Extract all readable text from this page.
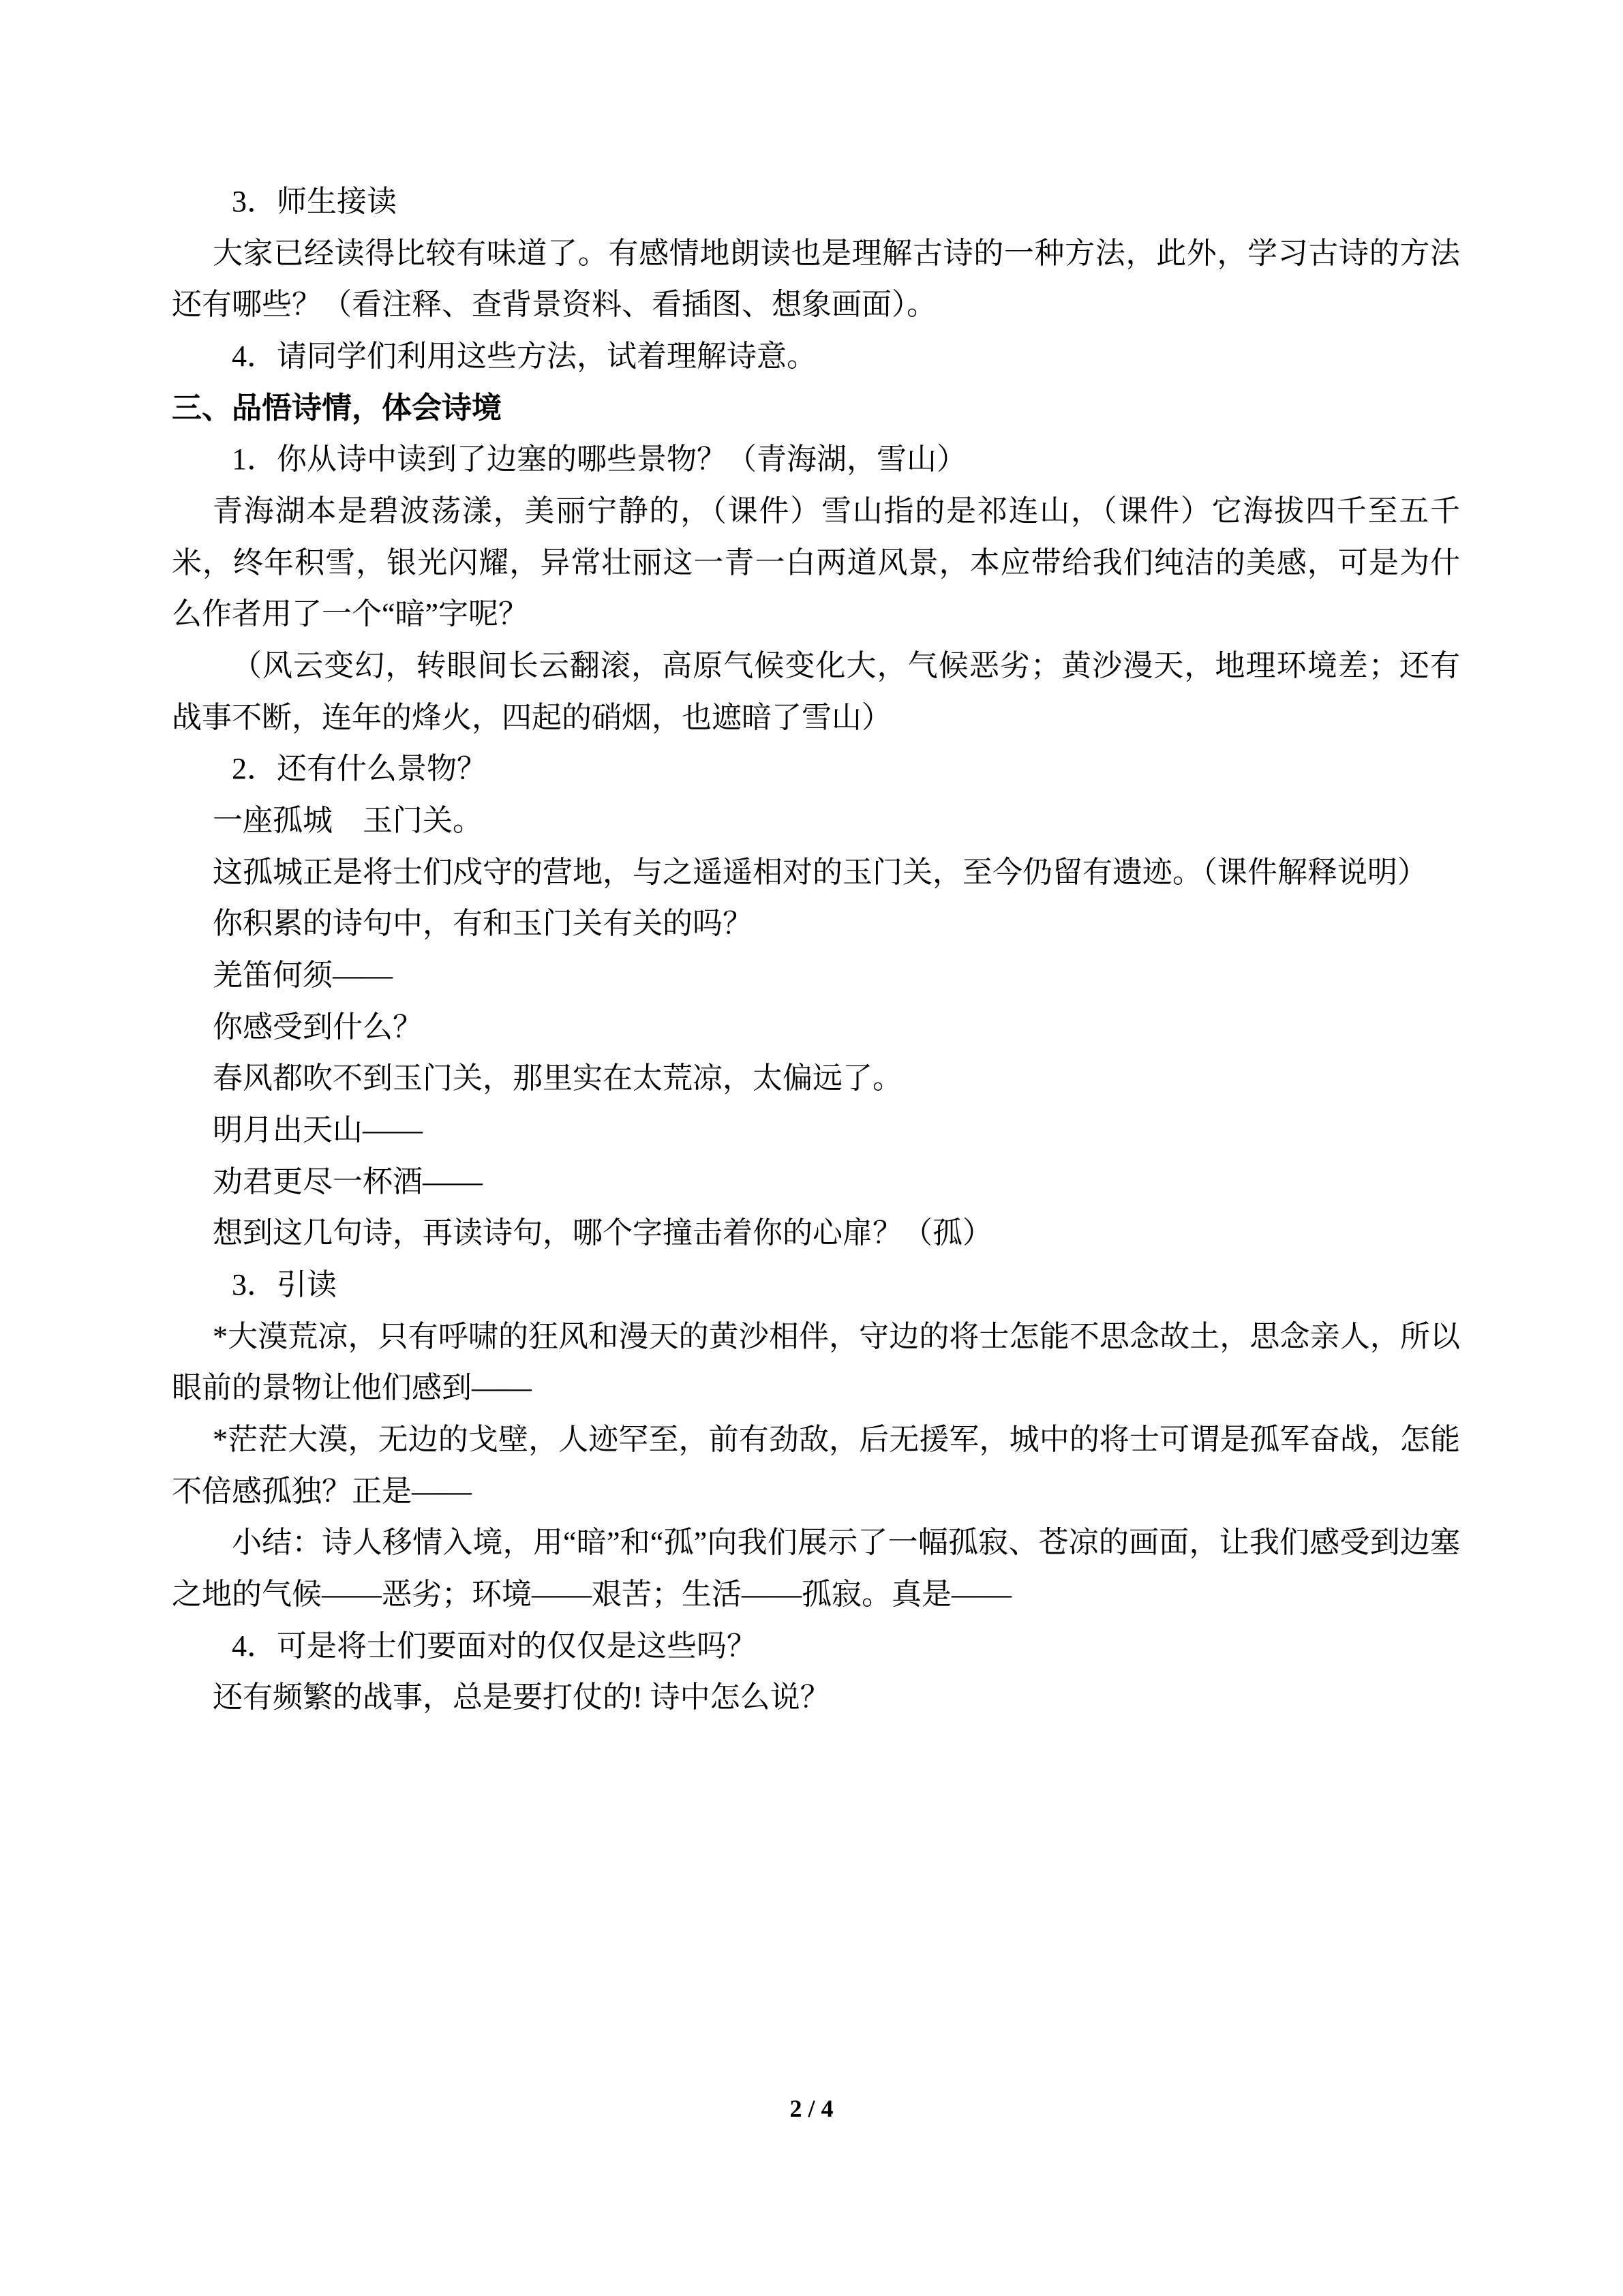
3．师生接读

大家已经读得比较有味道了。有感情地朗读也是理解古诗的一种方法，此外，学习古诗的方法还有哪些？（看注释、查背景资料、看插图、想象画面）。

4．请同学们利用这些方法，试着理解诗意。

三、品悟诗情，体会诗境

1．你从诗中读到了边塞的哪些景物？（青海湖，雪山）

青海湖本是碧波荡漾，美丽宁静的，（课件）雪山指的是祁连山，（课件）它海拔四千至五千米，终年积雪，银光闪耀，异常壮丽这一青一白两道风景，本应带给我们纯洁的美感，可是为什么作者用了一个“暗”字呢？

（风云变幻，转眼间长云翻滚，高原气候变化大，气候恶劣；黄沙漫天，地理环境差；还有战事不断，连年的烽火，四起的硝烟，也遮暗了雪山）

2．还有什么景物？

一座孤城　玉门关。

这孤城正是将士们戍守的营地，与之遥遥相对的玉门关，至今仍留有遗迹。（课件解释说明）

你积累的诗句中，有和玉门关有关的吗？

羌笛何须——

你感受到什么？

春风都吹不到玉门关，那里实在太荒凉，太偏远了。

明月出天山——

劝君更尽一杯酒——

想到这几句诗，再读诗句，哪个字撞击着你的心扉？（孤）

3．引读

*大漠荒凉，只有呼啸的狂风和漫天的黄沙相伴，守边的将士怎能不思念故土，思念亲人，所以眼前的景物让他们感到——

*茫茫大漠，无边的戈壁，人迹罕至，前有劲敌，后无援军，城中的将士可谓是孤军奋战，怎能不倍感孤独？正是——

小结：诗人移情入境，用“暗”和“孤”向我们展示了一幅孤寂、苍凉的画面，让我们感受到边塞之地的气候——恶劣；环境——艰苦；生活——孤寂。真是——

4．可是将士们要面对的仅仅是这些吗？

还有频繁的战事，总是要打仗的! 诗中怎么说？

2 / 4
